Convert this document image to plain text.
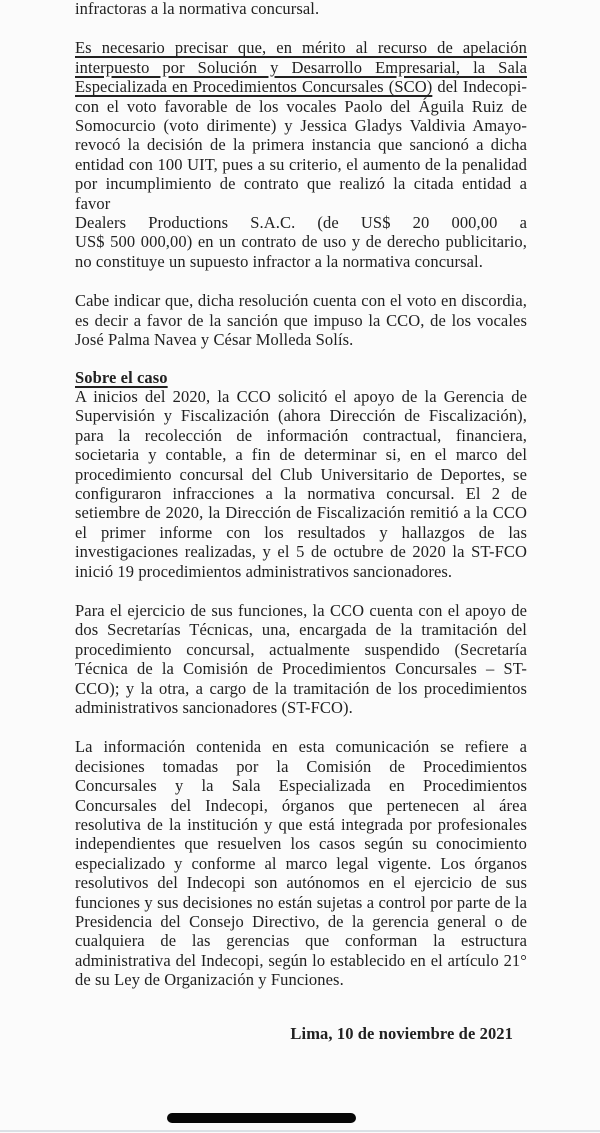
infractoras a la normativa concursal.
Es necesario precisar que, en mérito al recurso de apelación interpuesto por Solución y Desarrollo Empresarial, la Sala Especializada en Procedimientos Concursales (SCO) del Indecopi- con el voto favorable de los vocales Paolo del Águila Ruiz de Somocurcio (voto dirimente) y Jessica Gladys Valdivia Amayo- revocó la decisión de la primera instancia que sancionó a dicha entidad con 100 UIT, pues a su criterio, el aumento de la penalidad por incumplimiento de contrato que realizó la citada entidad a favor
Dealers Productions S.A.C. (de US$ 20 000,00 a
US$ 500 000,00) en un contrato de uso y de derecho publicitario, no constituye un supuesto infractor a la normativa concursal.
Cabe indicar que, dicha resolución cuenta con el voto en discordia, es decir a favor de la sanción que impuso la CCO, de los vocales José Palma Navea y César Molleda Solís.
Sobre el caso
A inicios del 2020, la CCO solicitó el apoyo de la Gerencia de Supervisión y Fiscalización (ahora Dirección de Fiscalización), para la recolección de información contractual, financiera, societaria y contable, a fin de determinar si, en el marco del procedimiento concursal del Club Universitario de Deportes, se configuraron infracciones a la normativa concursal. El 2 de setiembre de 2020, la Dirección de Fiscalización remitió a la CCO el primer informe con los resultados y hallazgos de las investigaciones realizadas, y el 5 de octubre de 2020 la ST-FCO inició 19 procedimientos administrativos sancionadores.
Para el ejercicio de sus funciones, la CCO cuenta con el apoyo de dos Secretarías Técnicas, una, encargada de la tramitación del procedimiento concursal, actualmente suspendido (Secretaría Técnica de la Comisión de Procedimientos Concursales – ST-CCO); y la otra, a cargo de la tramitación de los procedimientos administrativos sancionadores (ST-FCO).
La información contenida en esta comunicación se refiere a decisiones tomadas por la Comisión de Procedimientos Concursales y la Sala Especializada en Procedimientos Concursales del Indecopi, órganos que pertenecen al área resolutiva de la institución y que está integrada por profesionales independientes que resuelven los casos según su conocimiento especializado y conforme al marco legal vigente. Los órganos resolutivos del Indecopi son autónomos en el ejercicio de sus funciones y sus decisiones no están sujetas a control por parte de la Presidencia del Consejo Directivo, de la gerencia general o de cualquiera de las gerencias que conforman la estructura administrativa del Indecopi, según lo establecido en el artículo 21° de su Ley de Organización y Funciones.
Lima, 10 de noviembre de 2021
